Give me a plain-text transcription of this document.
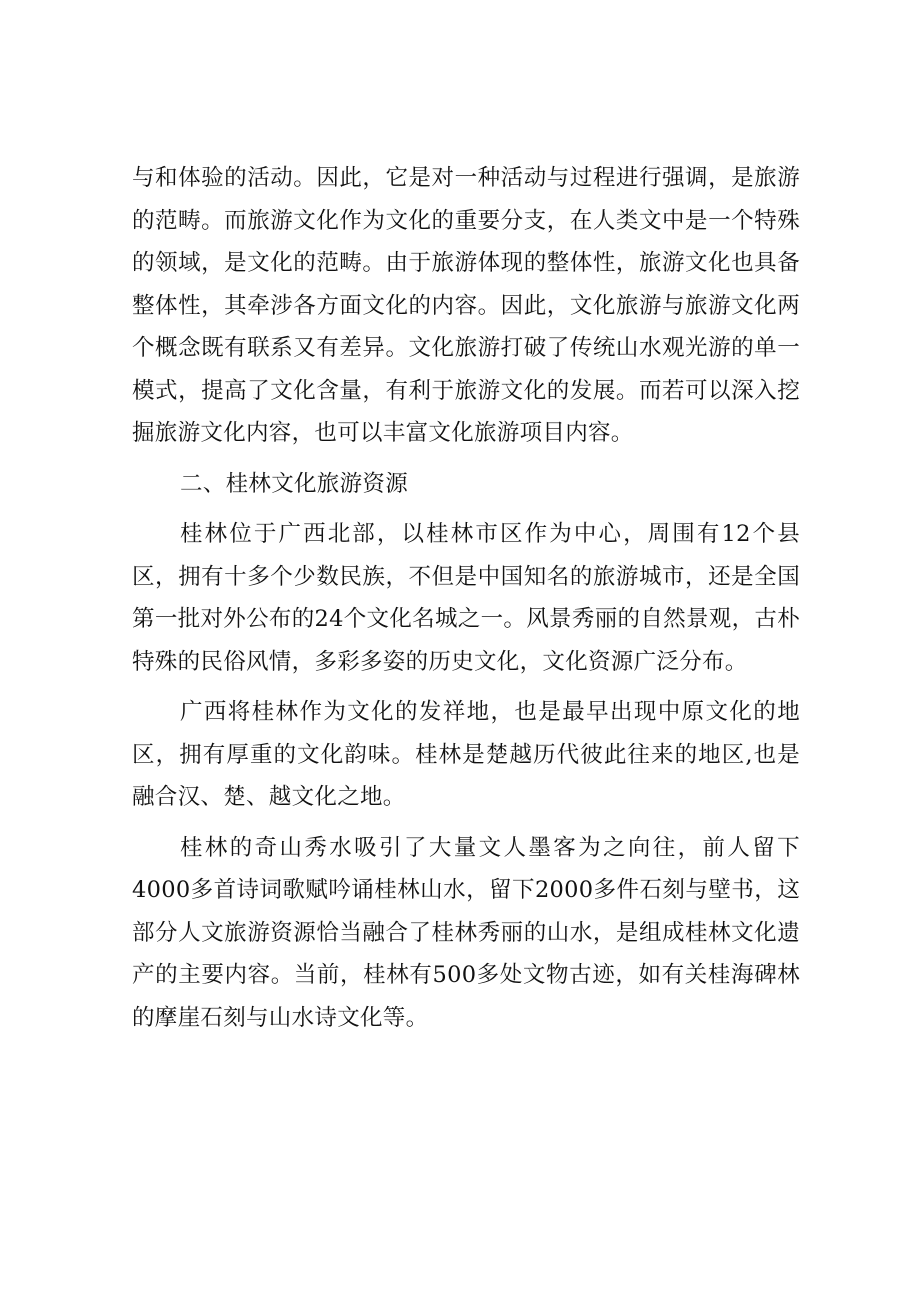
与和体验的活动。因此，它是对一种活动与过程进行强调，是旅游的范畴。而旅游文化作为文化的重要分支，在人类文中是一个特殊的领域，是文化的范畴。由于旅游体现的整体性，旅游文化也具备整体性，其牵涉各方面文化的内容。因此，文化旅游与旅游文化两个概念既有联系又有差异。文化旅游打破了传统山水观光游的单一模式，提高了文化含量，有利于旅游文化的发展。而若可以深入挖掘旅游文化内容，也可以丰富文化旅游项目内容。

二、桂林文化旅游资源

桂林位于广西北部，以桂林市区作为中心，周围有12个县区，拥有十多个少数民族，不但是中国知名的旅游城市，还是全国第一批对外公布的24个文化名城之一。风景秀丽的自然景观，古朴特殊的民俗风情，多彩多姿的历史文化，文化资源广泛分布。

广西将桂林作为文化的发祥地，也是最早出现中原文化的地区，拥有厚重的文化韵味。桂林是楚越历代彼此往来的地区,也是融合汉、楚、越文化之地。

桂林的奇山秀水吸引了大量文人墨客为之向往，前人留下4000多首诗词歌赋吟诵桂林山水，留下2000多件石刻与壁书，这部分人文旅游资源恰当融合了桂林秀丽的山水，是组成桂林文化遗产的主要内容。当前，桂林有500多处文物古迹，如有关桂海碑林的摩崖石刻与山水诗文化等。
